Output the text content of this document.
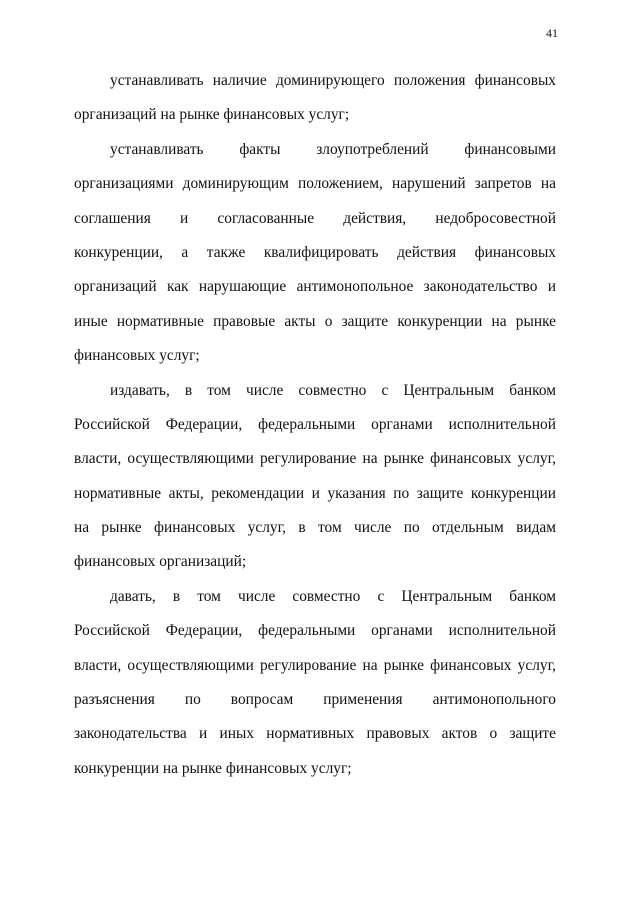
41
устанавливать наличие доминирующего положения финансовых
организаций на рынке финансовых услуг;
устанавливать факты злоупотреблений финансовыми
организациями доминирующим положением, нарушений запретов на
соглашения и согласованные действия, недобросовестной
конкуренции, а также квалифицировать действия финансовых
организаций как нарушающие антимонопольное законодательство и
иные нормативные правовые акты о защите конкуренции на рынке
финансовых услуг;
издавать, в том числе совместно с Центральным банком
Российской Федерации, федеральными органами исполнительной
власти, осуществляющими регулирование на рынке финансовых услуг,
нормативные акты, рекомендации и указания по защите конкуренции
на рынке финансовых услуг, в том числе по отдельным видам
финансовых организаций;
давать, в том числе совместно с Центральным банком
Российской Федерации, федеральными органами исполнительной
власти, осуществляющими регулирование на рынке финансовых услуг,
разъяснения по вопросам применения антимонопольного
законодательства и иных нормативных правовых актов о защите
конкуренции на рынке финансовых услуг;
